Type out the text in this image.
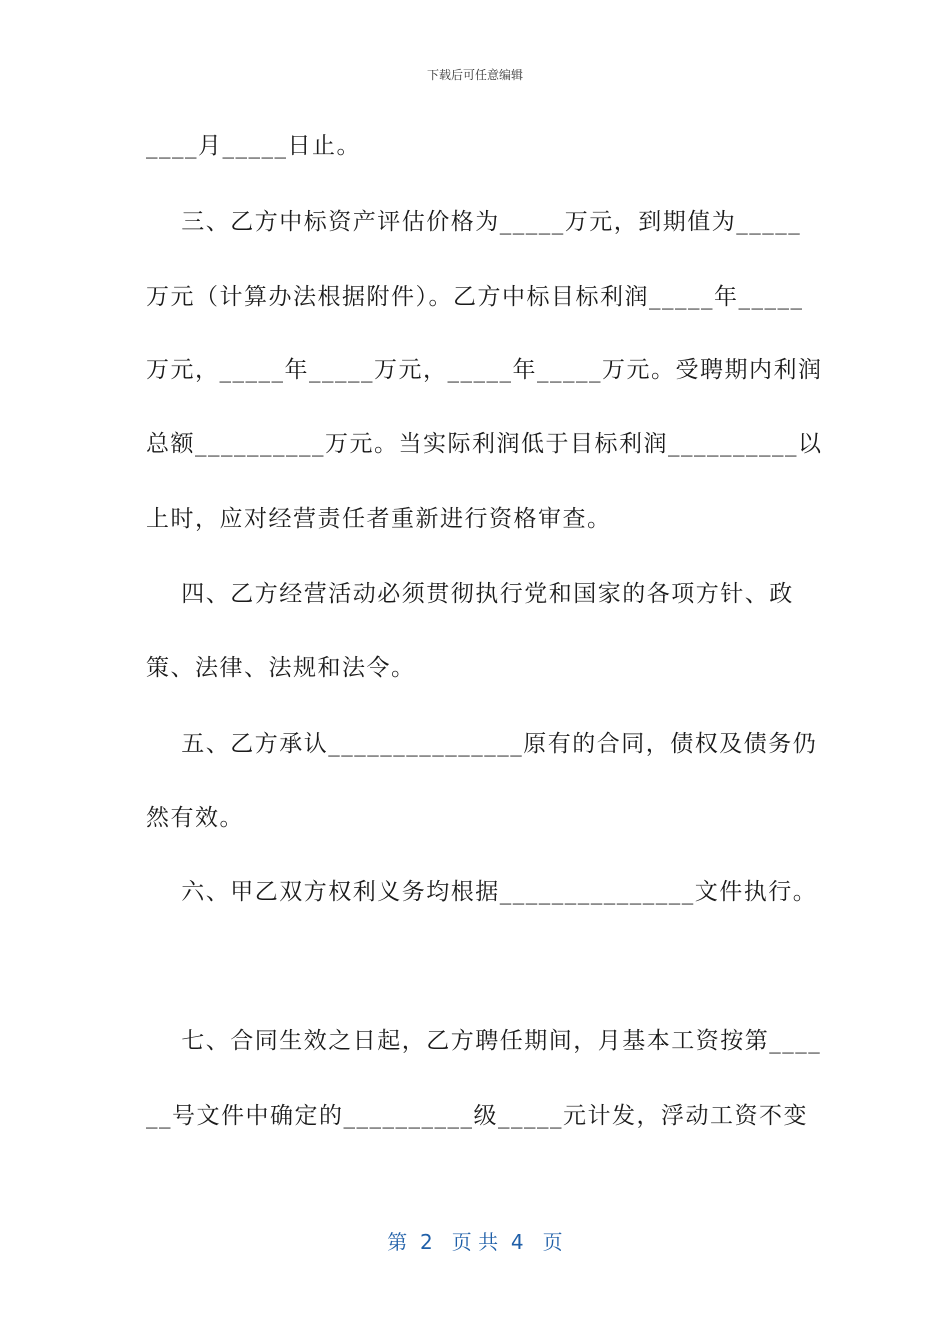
下载后可任意编辑
____月_____日止。
三、乙方中标资产评估价格为_____万元，到期值为_____
万元（计算办法根据附件）。乙方中标目标利润_____年_____
万元，_____年_____万元，_____年_____万元。受聘期内利润
总额__________万元。当实际利润低于目标利润__________以
上时，应对经营责任者重新进行资格审查。
四、乙方经营活动必须贯彻执行党和国家的各项方针、政
策、法律、法规和法令。
五、乙方承认_______________原有的合同，债权及债务仍
然有效。
六、甲乙双方权利义务均根据_______________文件执行。
七、合同生效之日起，乙方聘任期间，月基本工资按第____
__号文件中确定的__________级_____元计发，浮动工资不变
第  2   页 共  4   页
